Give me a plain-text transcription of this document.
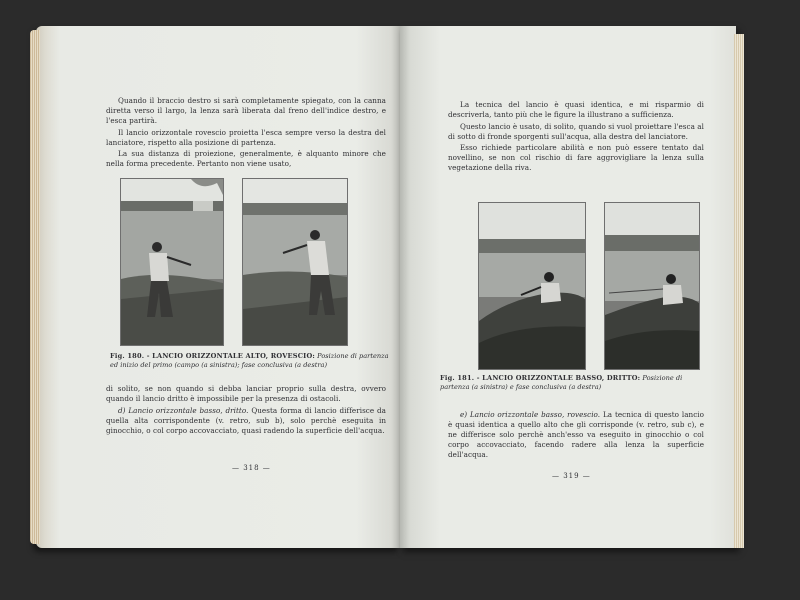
Quando il braccio destro si sarà completamente spiegato, con la canna diretta verso il largo, la lenza sarà liberata dal freno dell'indice destro, e l'esca partirà.

Il lancio orizzontale rovescio proietta l'esca sempre verso la destra del lanciatore, rispetto alla posizione di partenza.

La sua distanza di proiezione, generalmente, è alquanto minore che nella forma precedente. Pertanto non viene usato,

Fig. 180. - LANCIO ORIZZONTALE ALTO, ROVESCIO: Posizione di partenza ed inizio del primo (campo (a sinistra); fase conclusiva (a destra)

di solito, se non quando si debba lanciar proprio sulla destra, ovvero quando il lancio dritto è impossibile per la presenza di ostacoli.

d) Lancio orizzontale basso, dritto. Questa forma di lancio differisce da quella alta corrispondente (v. retro, sub b), solo perchè eseguita in ginocchio, o col corpo accovacciato, quasi radendo la superficie dell'acqua.

— 318 —

La tecnica del lancio è quasi identica, e mi risparmio di descriverla, tanto più che le figure la illustrano a sufficienza.

Questo lancio è usato, di solito, quando si vuol proiettare l'esca al di sotto di fronde sporgenti sull'acqua, alla destra del lanciatore.

Esso richiede particolare abilità e non può essere tentato dal novellino, se non col rischio di fare aggrovigliare la lenza sulla vegetazione della riva.

Fig. 181. - LANCIO ORIZZONTALE BASSO, DRITTO: Posizione di partenza (a sinistra) e fase conclusiva (a destra)

e) Lancio orizzontale basso, rovescio. La tecnica di questo lancio è quasi identica a quello alto che gli corrisponde (v. retro, sub c), e ne differisce solo perchè anch'esso va eseguito in ginocchio o col corpo accovacciato, facendo radere alla lenza la superficie dell'acqua.

— 319 —
